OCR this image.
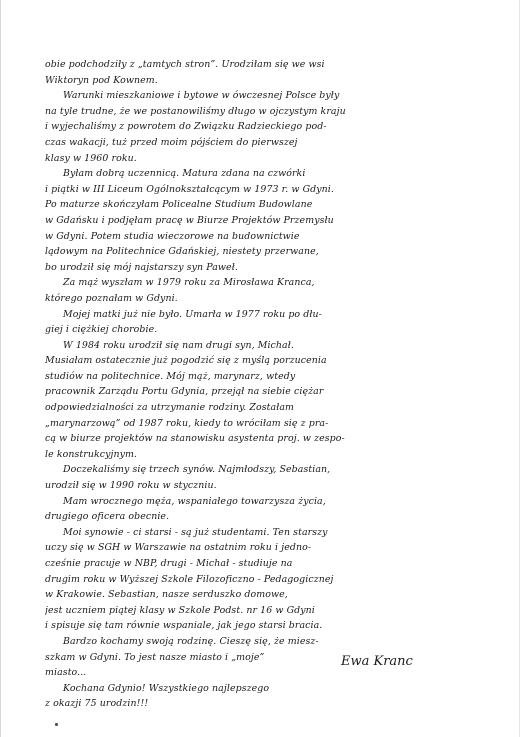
obie podchodziły z „tamtych stron”. Urodziłam się we wsi
Wiktoryn pod Kownem.
Warunki mieszkaniowe i bytowe w ówczesnej Polsce były
na tyle trudne, że we postanowiliśmy długo w ojczystym kraju
i wyjechaliśmy z powrotem do Związku Radzieckiego pod-
czas wakacji, tuż przed moim pójściem do pierwszej
klasy w 1960 roku.
Byłam dobrą uczennicą. Matura zdana na czwórki
i piątki w III Liceum Ogólnokształcącym w 1973 r. w Gdyni.
Po maturze skończyłam Policealne Studium Budowlane
w Gdańsku i podjęłam pracę w Biurze Projektów Przemysłu
w Gdyni. Potem studia wieczorowe na budownictwie
lądowym na Politechnice Gdańskiej, niestety przerwane,
bo urodził się mój najstarszy syn Paweł.
Za mąż wyszłam w 1979 roku za Mirosława Kranca,
którego poznałam w Gdyni.
Mojej matki już nie było. Umarła w 1977 roku po dłu-
giej i ciężkiej chorobie.
W 1984 roku urodził się nam drugi syn, Michał.
Musiałam ostatecznie już pogodzić się z myślą porzucenia
studiów na politechnice. Mój mąż, marynarz, wtedy
pracownik Zarządu Portu Gdynia, przejął na siebie ciężar
odpowiedzialności za utrzymanie rodziny. Zostałam
„marynarzową” od 1987 roku, kiedy to wróciłam się z pra-
cą w biurze projektów na stanowisku asystenta proj. w zespo-
le konstrukcyjnym.
Doczekaliśmy się trzech synów. Najmłodszy, Sebastian,
urodził się w 1990 roku w styczniu.
Mam wrocznego męża, wspaniałego towarzysza życia,
drugiego oficera obecnie.
Moi synowie - ci starsi - są już studentami. Ten starszy
uczy się w SGH w Warszawie na ostatnim roku i jedno-
cześnie pracuje w NBP, drugi - Michał - studiuje na
drugim roku w Wyższej Szkole Filozoficzno - Pedagogicznej
w Krakowie. Sebastian, nasze serduszko domowe,
jest uczniem piątej klasy w Szkole Podst. nr 16 w Gdyni
i spisuje się tam równie wspaniale, jak jego starsi bracia.
Bardzo kochamy swoją rodzinę. Cieszę się, że miesz-
szkam w Gdyni. To jest nasze miasto i „moje”
miasto...
Kochana Gdynio! Wszystkiego najlepszego
z okazji 75 urodzin!!!
Ewa Kranc
